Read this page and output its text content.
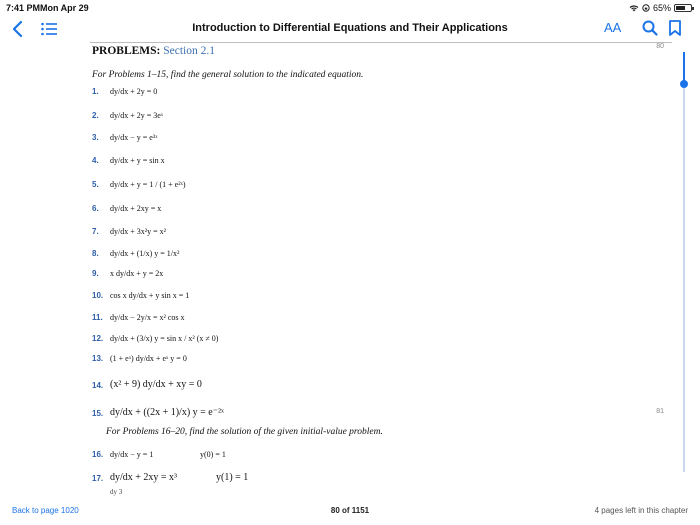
7:41 PM Mon Apr 29	65%
Introduction to Differential Equations and Their Applications	AA
80
PROBLEMS: Section 2.1
For Problems 1–15, find the general solution to the indicated equation.
1. dy/dx + 2y = 0
2. dy/dx + 2y = 3eˣ
3. dy/dx − y = e³ˣ
4. dy/dx + y = sin x
5. dy/dx + y = 1 / (1 + e²ˣ)
6. dy/dx + 2xy = x
7. dy/dx + 3x²y = x²
8. dy/dx + (1/x) y = 1/x²
9. x dy/dx + y = 2x
10. cos x dy/dx + y sin x = 1
11. dy/dx − 2y/x = x² cos x
12. dy/dx + (3/x) y = sin x / x² (x ≠ 0)
13. (1 + eˣ) dy/dx + eˣ y = 0
14. (x² + 9) dy/dx + xy = 0
15. dy/dx + ((2x + 1)/x) y = e⁻²ˣ	81
For Problems 16–20, find the solution of the given initial-value problem.
16. dy/dx − y = 1	y(0) = 1
17. dy/dx + 2xy = x³	y(1) = 1
dy 3
Back to page 1020	80 of 1151	4 pages left in this chapter
